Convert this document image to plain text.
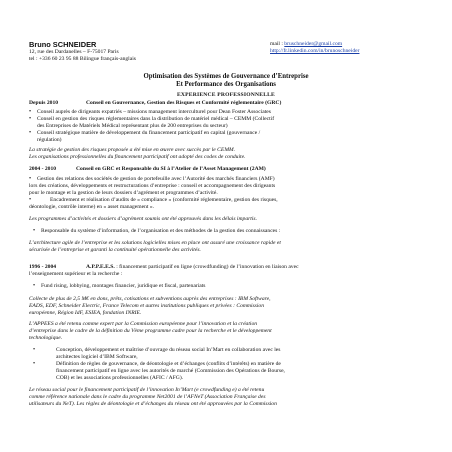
Bruno SCHNEIDER
12, rue des Dardanelles – F-75017 Paris
tel : +336 60 23 95 88 Bilingue français-anglais
mail : bruschneider@gmail.com
http://fr.linkedin.com/in/brunoschneider
Optimisation des Systèmes de Gouvernance d’Entreprise
Et Performance des Organisations
EXPERIENCE PROFESSIONNELLE
Depuis 2010	Conseil en Gouvernance, Gestion des Risques et Conformité réglementaire (GRC)
• Conseil auprès de dirigeants expatriés – missions management interculturel pour Dean Foster Associates
• Conseil en gestion des risques réglementaires dans la distribution de matériel médical – CEMM (Collectif
des Entreprises de Matériels Médical représentant plus de 200 entreprises du secteur)
• Conseil stratégique matière de développement du financement participatif en capital (gouvernance /
régulation)
La stratégie de gestion des risques proposée a été mise en œuvre avec succès par le CEMM.
Les organisations professionnelles du financement participatif ont adopté des codes de conduite.
2004 - 2010	Conseil en GRC et Responsable du SI à l’Atelier de l’Asset Management (2AM)
• Gestion des relations des sociétés de gestion de portefeuille avec l’Autorité des marchés financiers (AMF)
lors des créations, développements et restructurations d’entreprise : conseil et accompagnement des dirigeants
pour le montage et la gestion de leurs dossiers d’agrément et programmes d’activité.
•	Encadrement et réalisation d’audits de « compliance » (conformité réglementaire, gestion des risques,
déontologie, contrôle interne) en « asset management ».
Les programmes d’activités et dossiers d’agrément soumis ont été approuvés dans les délais impartis.
• Responsable du système d’information, de l’organisation et des méthodes de la gestion des connaissances :
L’architecture agile de l’entreprise et les solutions logicielles mises en place ont assuré une croissance rapide et
sécurisée de l’entreprise et garanti la continuité opérationnelle des activités.
1996 - 2004	A.P.P.E.E.S. : financement participatif en ligne (crowdfunding) de l’innovation en liaison avec
l’enseignement supérieur et la recherche :
• Fund rising, lobbying, montages financier, juridique et fiscal, partenariats
Collecte de plus de 2,5 M€ en dons, prêts, cotisations et subventions auprès des entreprises : IBM Software,
EADS, EDF, Schneider Electric, France Telecom et autres institutions publiques et privées : Commission
européenne, Région IdF, ESIEA, fondation INRIE.
L’APPEES a été retenu comme expert par la Commission européenne pour l’innovation et la création
d’entreprise dans le cadre de la définition du Vème programme cadre pour la recherche et le développement
technologique.
•	Conception, développement et maîtrise d’ouvrage du réseau social In’Mart en collaboration avec les
architectes logiciel d’IBM Software,
•	Définition de règles de gouvernance, de déontologie et d’échanges (conflits d’intérêts) en matière de
financement participatif en ligne avec les autorités de marché (Commission des Opérations de Bourse,
COB) et les associations professionnelles (AFIC / AFG).
Le réseau social pour le financement participatif de l’innovation In’Mart (e crowdfunding e) a été retenu
comme référence nationale dans le cadre du programme Net2001 de l’AFNeT (Association Française des
utilisateurs du NeT). Les règles de déontologie et d’échanges du réseau ont été approuvées par la Commission
